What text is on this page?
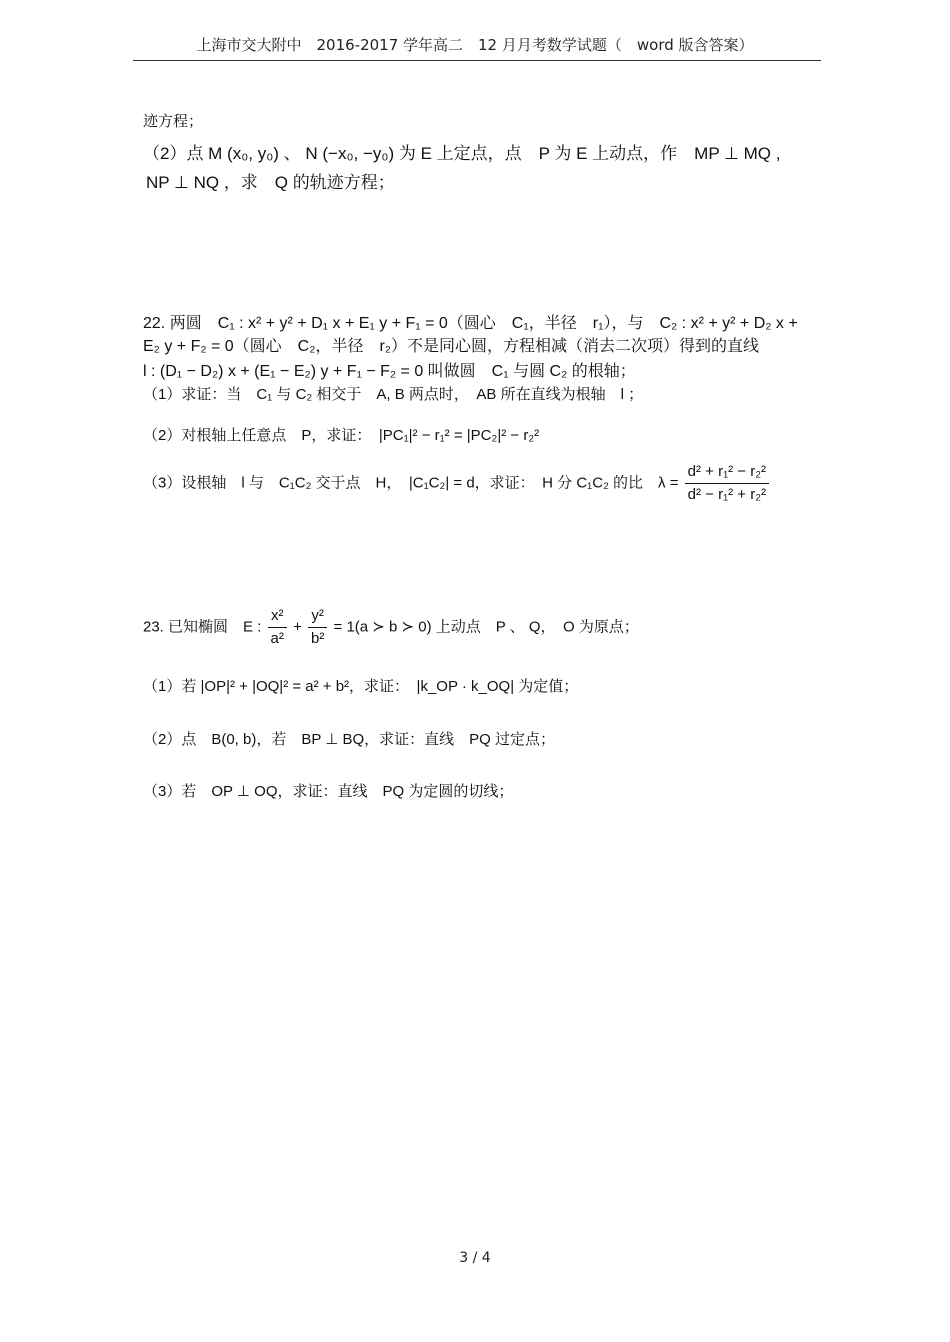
上海市交大附中　2016-2017 学年高二　12 月月考数学试题（　word 版含答案）
迹方程；
（2）点 M (x₀, y₀) 、 N (−x₀, −y₀) 为 E 上定点，点　P 为 E 上动点，作　MP ⊥ MQ ,
NP ⊥ NQ ，求　Q 的轨迹方程；
22. 两圆　C₁ : x² + y² + D₁ x + E₁ y + F₁ = 0（圆心　C₁，半径　r₁），与　C₂ : x² + y² + D₂ x +
E₂ y + F₂ = 0（圆心　C₂，半径　r₂）不是同心圆，方程相减（消去二次项）得到的直线
l : (D₁ − D₂) x + (E₁ − E₂) y + F₁ − F₂ = 0 叫做圆　C₁ 与圆 C₂ 的根轴；
（1）求证：当　C₁ 与 C₂ 相交于　A, B 两点时，　AB 所在直线为根轴　l ；
（2）对根轴上任意点　P，求证：　|PC₁|² − r₁² = |PC₂|² − r₂²
（3）设根轴　l 与　C₁C₂ 交于点　H，　|C₁C₂| = d，求证：　H 分 C₁C₂ 的比　$\lambda = \frac{\text{d² + r₁² − r₂²}}{\text{d² − r₁² + r₂²}}$
23. 已知椭圆　E : $\frac{\text{x²}}{\text{a²}} + \frac{\text{y²}}{\text{b²}} = 1(a$ ≻ b ≻ 0) 上动点　P 、 Q，　O 为原点；
（1）若 |OP|² + |OQ|² = a² + b²，求证：　|k_OP · k_OQ| 为定值；
（2）点　B(0, b)，若　BP ⊥ BQ，求证：直线　PQ 过定点；
（3）若　OP ⊥ OQ，求证：直线　PQ 为定圆的切线；
3 / 4
